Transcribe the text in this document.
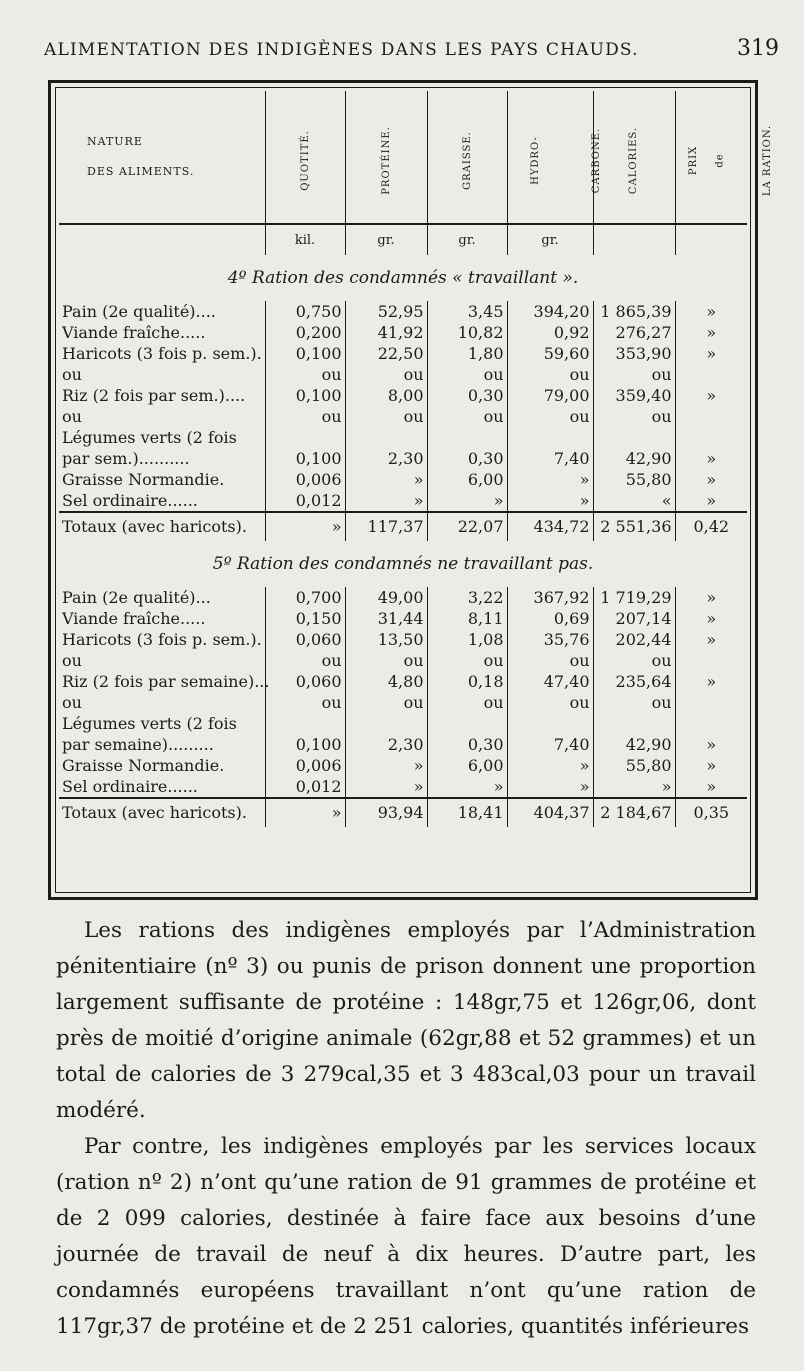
ALIMENTATION DES INDIGÈNES DANS LES PAYS CHAUDS.	319
NATURE
DES ALIMENTS.	QUOTITÉ.	PROTÉINE.	GRAISSE.	HYDRO- CARBONE.	CALORIES.	PRIX de LA RATION.
	kil.	gr.	gr.	gr.		
4º Ration des condamnés « travaillant ».						
Pain (2e qualité)....	0,750	52,95	3,45	394,20	1 865,39	»
Viande fraîche.....	0,200	41,92	10,82	0,92	276,27	»
Haricots (3 fois p. sem.).	0,100	22,50	1,80	59,60	353,90	»
ou	ou	ou	ou	ou	ou	
Riz (2 fois par sem.)....	0,100	8,00	0,30	79,00	359,40	»
ou	ou	ou	ou	ou	ou	
Légumes verts (2 fois						
par sem.)..........	0,100	2,30	0,30	7,40	42,90	»
Graisse Normandie.	0,006	»	6,00	»	55,80	»
Sel ordinaire......	0,012	»	»	»	«	»
Totaux (avec haricots).	»	117,37	22,07	434,72	2 551,36	0,42
5º Ration des condamnés ne travaillant pas.						
Pain (2e qualité)...	0,700	49,00	3,22	367,92	1 719,29	»
Viande fraîche.....	0,150	31,44	8,11	0,69	207,14	»
Haricots (3 fois p. sem.).	0,060	13,50	1,08	35,76	202,44	»
ou	ou	ou	ou	ou	ou	
Riz (2 fois par semaine)...	0,060	4,80	0,18	47,40	235,64	»
ou	ou	ou	ou	ou	ou	
Légumes verts (2 fois						
par semaine).........	0,100	2,30	0,30	7,40	42,90	»
Graisse Normandie.	0,006	»	6,00	»	55,80	»
Sel ordinaire......	0,012	»	»	»	»	»
Totaux (avec haricots).	»	93,94	18,41	404,37	2 184,67	0,35

Les rations des indigènes employés par l’Administration pénitentiaire (nº 3) ou punis de prison donnent une proportion largement suffisante de protéine : 148gr,75 et 126gr,06, dont près de moitié d’origine animale (62gr,88 et 52 grammes) et un total de calories de 3 279cal,35 et 3 483cal,03 pour un travail modéré.

Par contre, les indigènes employés par les services locaux (ration nº 2) n’ont qu’une ration de 91 grammes de protéine et de 2 099 calories, destinée à faire face aux besoins d’une journée de travail de neuf à dix heures. D’autre part, les condamnés européens travaillant n’ont qu’une ration de 117gr,37 de protéine et de 2 251 calories, quantités inférieures
